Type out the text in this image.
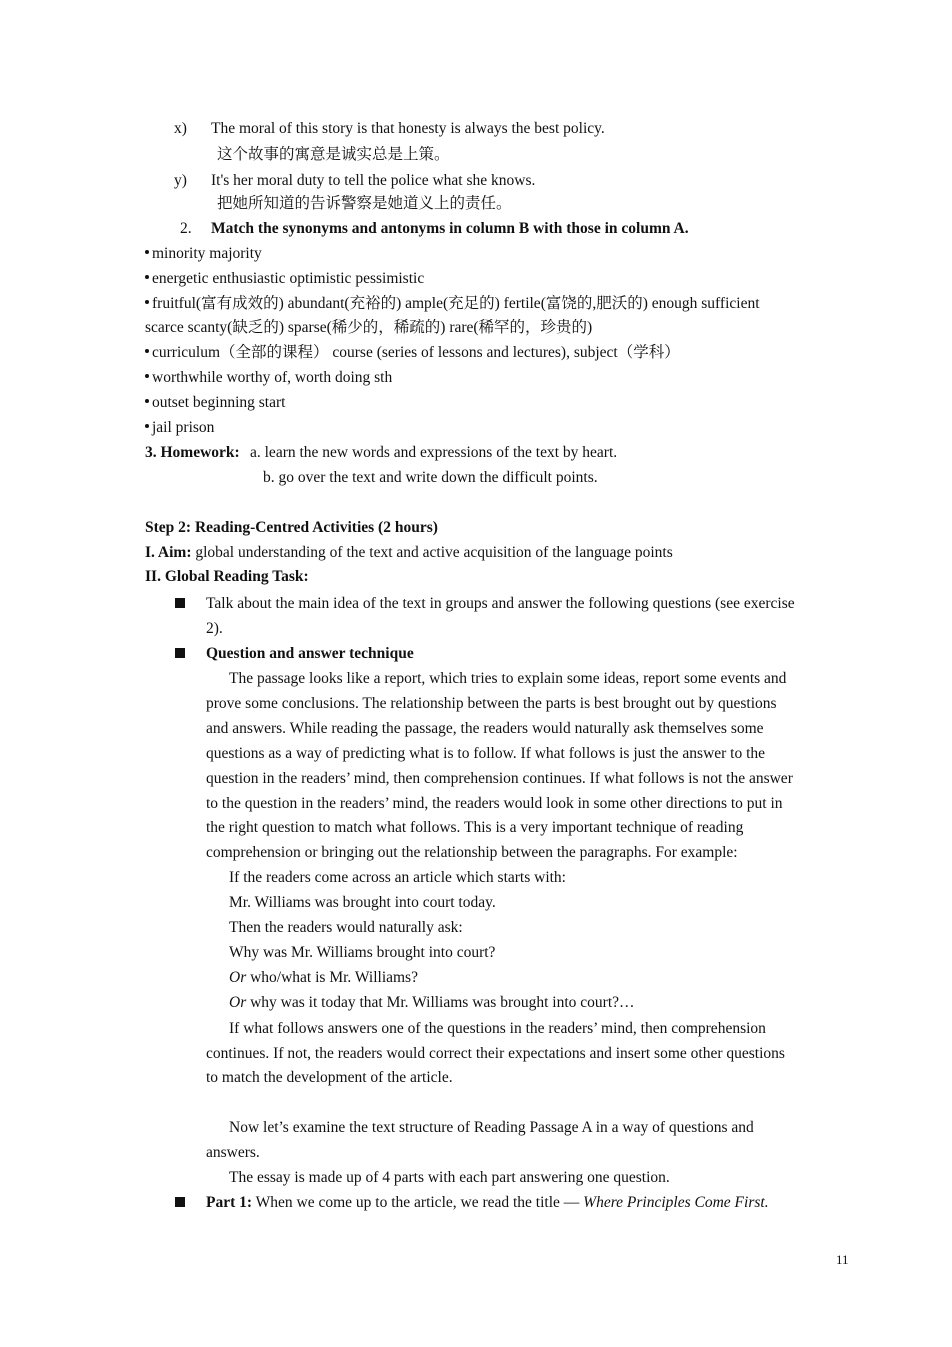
x) The moral of this story is that honesty is always the best policy.
这个故事的寓意是诚实总是上策。
y) It's her moral duty to tell the police what she knows.
把她所知道的告诉警察是她道义上的责任。
2. Match the synonyms and antonyms in column B with those in column A.
minority majority
energetic enthusiastic optimistic pessimistic
fruitful(富有成效的) abundant(充裕的) ample(充足的) fertile(富饶的,肥沃的) enough sufficient
scarce scanty(缺乏的) sparse(稀少的，稀疏的) rare(稀罕的，珍贵的)
curriculum（全部的课程） course (series of lessons and lectures), subject（学科）
worthwhile worthy of, worth doing sth
outset beginning start
jail prison
3. Homework: a. learn the new words and expressions of the text by heart.
b. go over the text and write down the difficult points.
Step 2: Reading-Centred Activities (2 hours)
I. Aim: global understanding of the text and active acquisition of the language points
II. Global Reading Task:
Talk about the main idea of the text in groups and answer the following questions (see exercise
2).
Question and answer technique
The passage looks like a report, which tries to explain some ideas, report some events and
prove some conclusions. The relationship between the parts is best brought out by questions
and answers. While reading the passage, the readers would naturally ask themselves some
questions as a way of predicting what is to follow. If what follows is just the answer to the
question in the readers’ mind, then comprehension continues. If what follows is not the answer
to the question in the readers’ mind, the readers would look in some other directions to put in
the right question to match what follows. This is a very important technique of reading
comprehension or bringing out the relationship between the paragraphs. For example:
If the readers come across an article which starts with:
Mr. Williams was brought into court today.
Then the readers would naturally ask:
Why was Mr. Williams brought into court?
Or who/what is Mr. Williams?
Or why was it today that Mr. Williams was brought into court?…
If what follows answers one of the questions in the readers’ mind, then comprehension
continues. If not, the readers would correct their expectations and insert some other questions
to match the development of the article.
Now let’s examine the text structure of Reading Passage A in a way of questions and
answers.
The essay is made up of 4 parts with each part answering one question.
Part 1: When we come up to the article, we read the title — Where Principles Come First.
11
